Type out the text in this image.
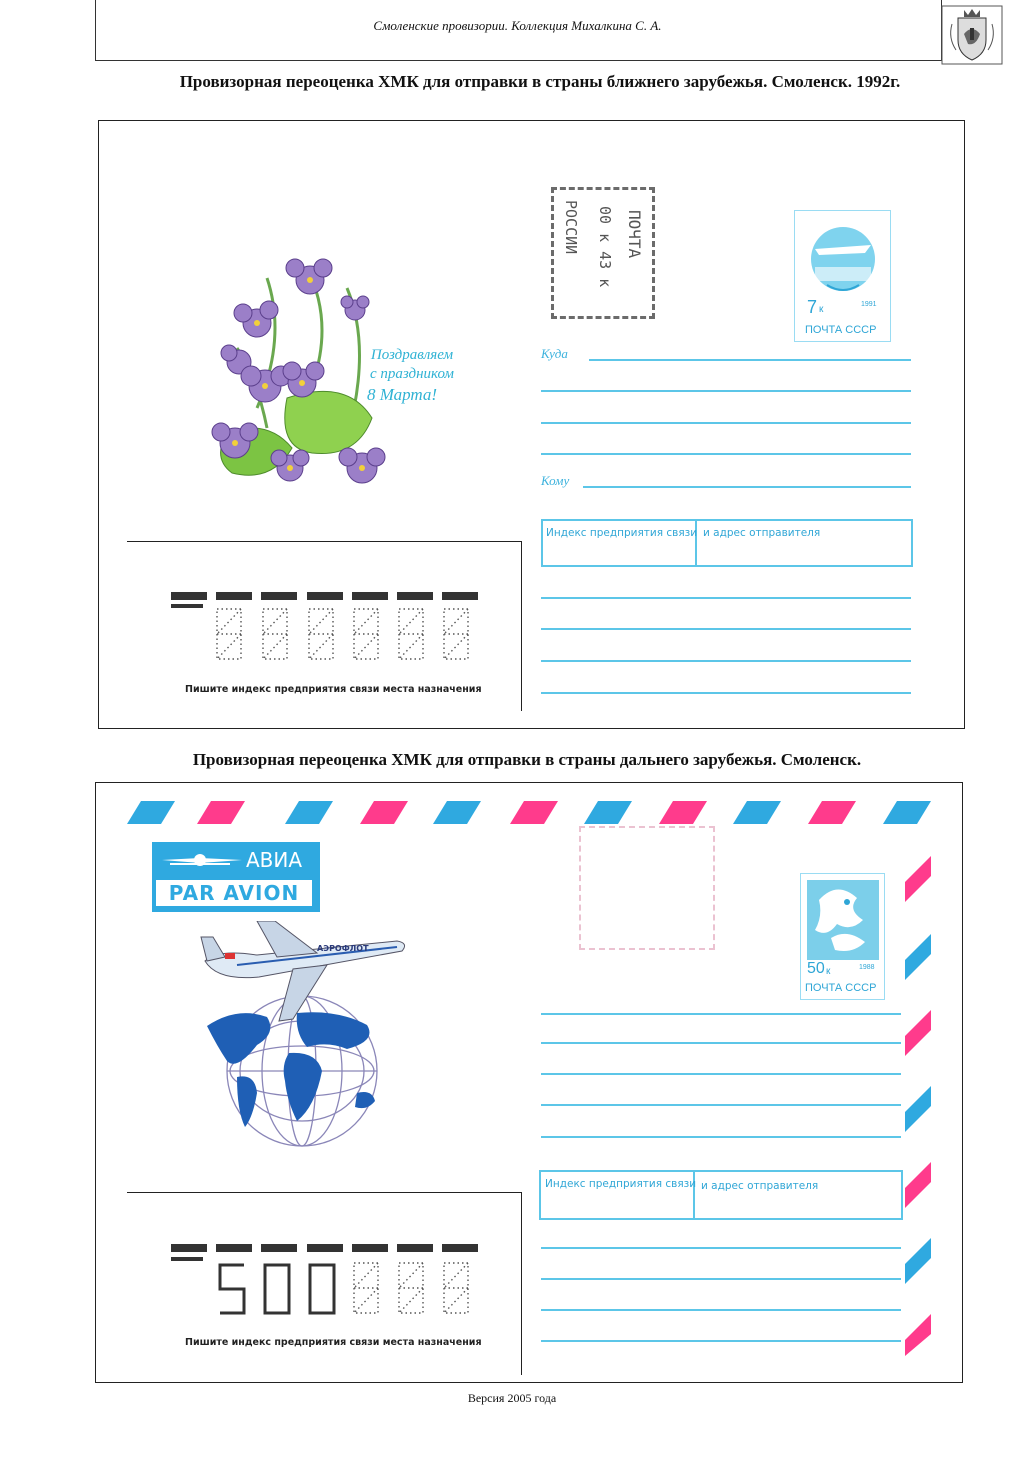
Смоленские провизории. Коллекция Михалкина С. А.
Провизорная переоценка ХМК для отправки в страны ближнего зарубежья. Смоленск. 1992г.
Поздравляем
с праздником
8 Марта!
ПОЧТА
РОССИИ	00 к 43 к
7 к	1991
ПОЧТА СССР
Куда
Кому
Индекс предприятия связи и адрес отправителя
Пишите индекс предприятия связи места назначения
Провизорная переоценка ХМК для отправки в страны дальнего зарубежья. Смоленск.
АВИА
PAR AVION
АЭРОФЛОТ
50 к	1988
ПОЧТА СССР
Индекс предприятия связи и адрес отправителя
Пишите индекс предприятия связи места назначения
Версия 2005 года
